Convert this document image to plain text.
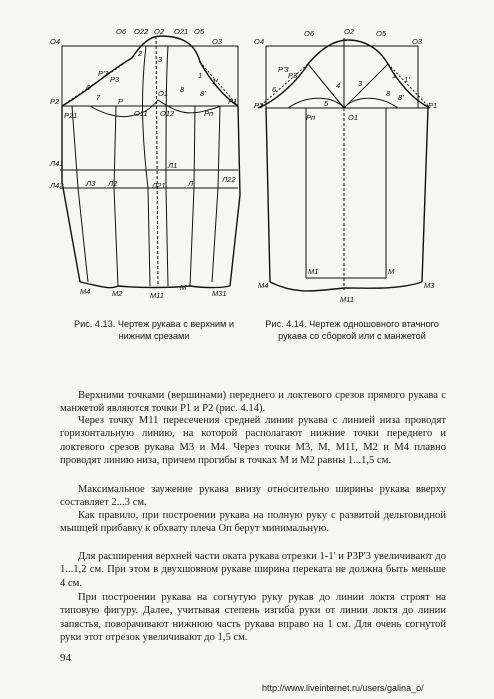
O4
O6 O22 O2 O21 O5
O3
2
3
P'3
P3	1
1'
6
7	O1 8 8'
P2	P	P1
P21	O11 O12	Pп
Л41	Л1
Л42	Л3 Л2	Л21	Л	Л22
M4	M2	M11
M
M31
O4
O6	O2	O5
O3
P'3
P3
4 3
1 1'
6
5
8 8'
P2	P1
Pп	O1
M1	M
M4
M11
M3
Рис. 4.13. Чертеж рукава с верхним и нижним срезами
Рис. 4.14. Чертеж одношовного втачного рукава со сборкой или с манжетой

Верхними точками (вершинами) переднего и локтевого срезов прямого рукава с манжетой являются точки P1 и P2 (рис. 4.14).

Через точку M11 пересечения средней линии рукава с линией низа проводят горизонтальную линию, на которой располагают нижние точки переднего и локтевого срезов рукава M3 и M4. Через точки M3, M, M11, M2 и M4 плавно проводят линию низа, причем прогибы в точках M и M2 равны 1...1,5 см.

Максимальное заужение рукава внизу относительно ширины рукава вверху составляет 2...3 см.

Как правило, при построении рукава на полную руку с развитой дельтовидной мышцей прибавку к обхвату плеча Oп берут минимальную.

Для расширения верхней части оката рукава отрезки 1-1' и P3P'3 увеличивают до 1...1,2 см. При этом в двухшовном рукаве ширина переката не должна быть меньше 4 см.

При построении рукава на согнутую руку рукав до линии локтя строят на типовую фигуру. Далее, учитывая степень изгиба руки от линии локтя до линии запястья, поворачивают нижнюю часть рукава вправо на 1 см. Для очень согнутой руки этот отрезок увеличивают до 1,5 см.

94
http://www.liveinternet.ru/users/galina_o/
